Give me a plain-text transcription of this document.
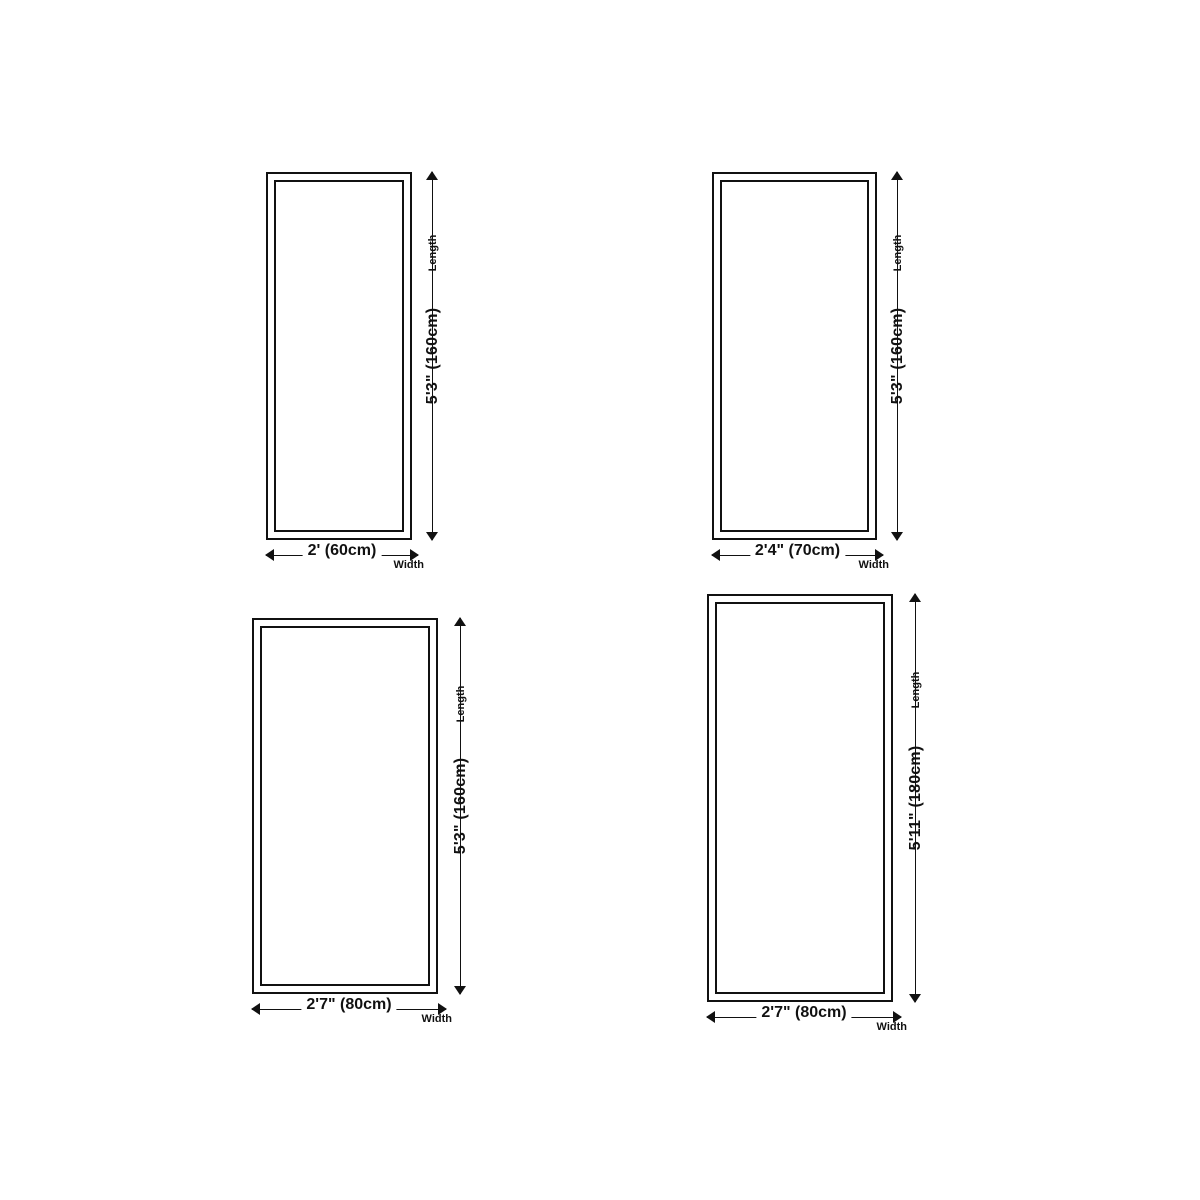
5'3" (160cm)
Length
2' (60cm)
Width
5'3" (160cm)
Length
2'4" (70cm)
Width
5'3" (160cm)
Length
2'7" (80cm)
Width
5'11" (180cm)
Length
2'7" (80cm)
Width
